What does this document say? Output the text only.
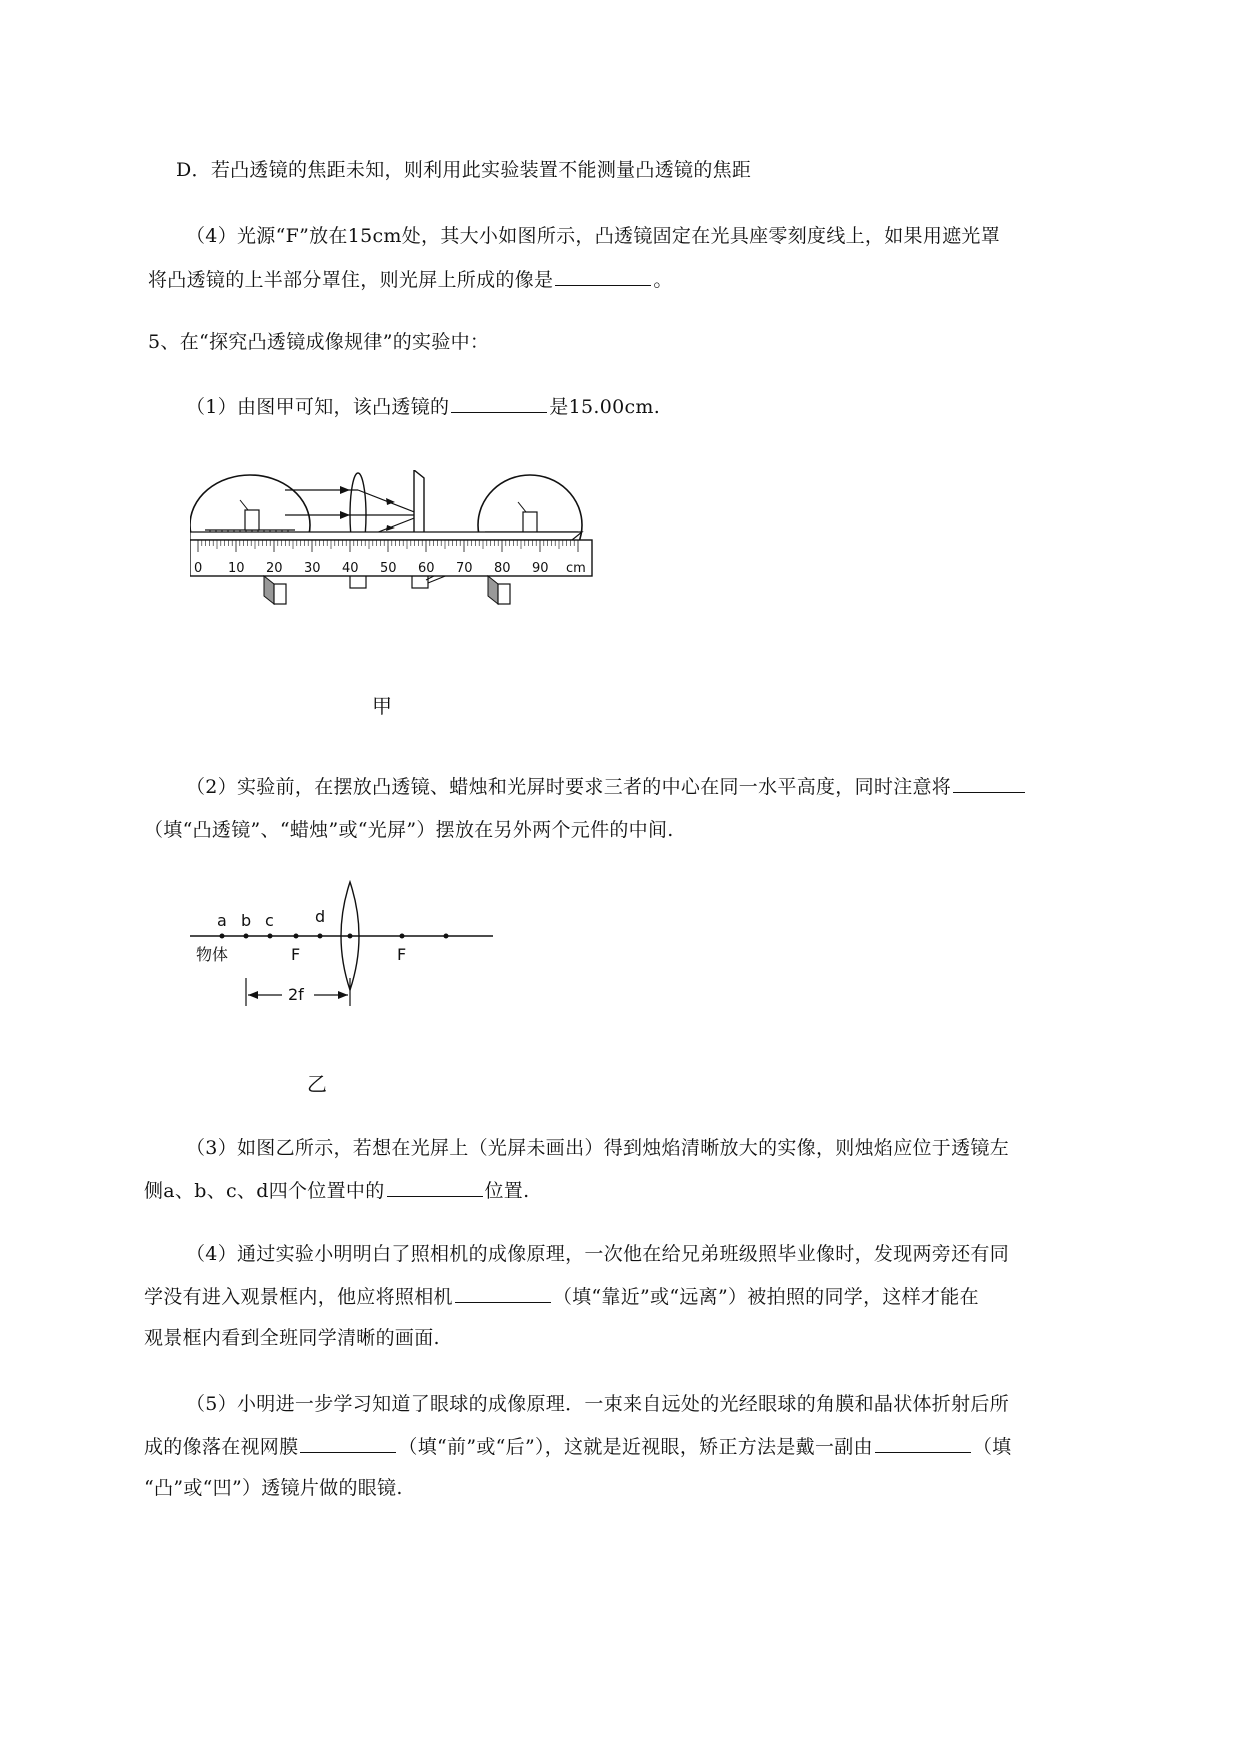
D．若凸透镜的焦距未知，则利用此实验装置不能测量凸透镜的焦距
（4）光源“F”放在15cm处，其大小如图所示，凸透镜固定在光具座零刻度线上，如果用遮光罩
将凸透镜的上半部分罩住，则光屏上所成的像是	。
5、在“探究凸透镜成像规律”的实验中：
（1）由图甲可知，该凸透镜的	是15.00cm.
0 10 20 30 40 50 60 70 80 90 cm
甲
（2）实验前，在摆放凸透镜、蜡烛和光屏时要求三者的中心在同一水平高度，同时注意将
（填“凸透镜”、“蜡烛”或“光屏”）摆放在另外两个元件的中间.
a b c	d
物体	F	F
2f
乙
（3）如图乙所示，若想在光屏上（光屏未画出）得到烛焰清晰放大的实像，则烛焰应位于透镜左
侧a、b、c、d四个位置中的	位置.
（4）通过实验小明明白了照相机的成像原理，一次他在给兄弟班级照毕业像时，发现两旁还有同
学没有进入观景框内，他应将照相机	（填“靠近”或“远离”）被拍照的同学，这样才能在
观景框内看到全班同学清晰的画面.
（5）小明进一步学习知道了眼球的成像原理．一束来自远处的光经眼球的角膜和晶状体折射后所
成的像落在视网膜	（填“前”或“后”），这就是近视眼，矫正方法是戴一副由	（填
“凸”或“凹”）透镜片做的眼镜.
